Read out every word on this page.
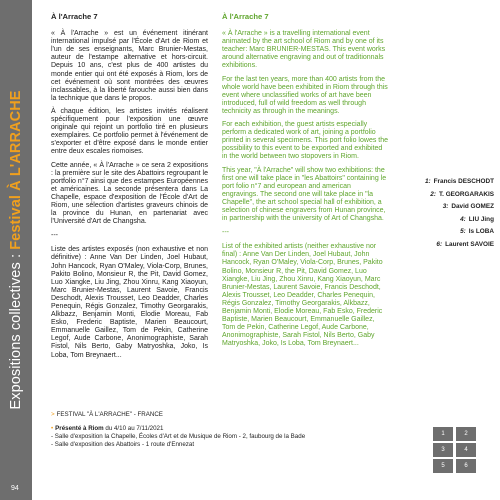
Expositions collectives : Festival À L'ARRACHE
94
À l'Arrache 7

« À l'Arrache » est un événement itinérant international impulsé par l'École d'Art de Riom et l'un de ses enseignants, Marc Brunier-Mestas, auteur de l'estampe alternative et hors-circuit. Depuis 10 ans, c'est plus de 400 artistes du monde entier qui ont été exposés à Riom, lors de cet événement où sont montrées des œuvres inclassables, à la liberté farouche aussi bien dans la technique que dans le propos.

À chaque édition, les artistes invités réalisent spécifiquement pour l'exposition une œuvre originale qui rejoint un portfolio tiré en plusieurs exemplaires. Ce portfolio permet à l'événement de s'exporter et d'être exposé dans le monde entier entre deux escales riomoises.

Cette année, « À l'Arrache » ce sera 2 expositions : la première sur le site des Abattoirs regroupant le portfolio n°7 ainsi que des estampes Européennes et américaines. La seconde présentera dans La Chapelle, espace d'exposition de l'École d'Art de Riom, une sélection d'artistes graveurs chinois de la province du Hunan, en partenariat avec l'Université d'Art de Changsha.

---

Liste des artistes exposés (non exhaustive et non définitive) : Anne Van Der Linden, Joel Hubaut, John Hancock, Ryan O'Maley, Viola-Corp, Brunes, Pakito Bolino, Monsieur R, the Pit, David Gomez, Luo Xiangke, Liu Jing, Zhou Xinru, Kang Xiaoyun, Marc Brunier-Mestas, Laurent Savoie, Francis Deschodt, Alexis Trousset, Leo Deadder, Charles Penequin, Régis Gonzalez, Timothy Georgarakis, Alkbazz, Benjamin Monti, Elodie Moreau, Fab Esko, Frederic Baptiste, Marien Beaucourt, Emmanuelle Gaillez, Tom de Pekin, Catherine Legof, Aude Carbone, Anonimographiste, Sarah Fistol, Nils Berto, Gaby Matryoshka, Joko, Is Loba, Tom Breynaert...

À l'Arrache 7

« À l'Arrache » is a travelling international event animated by the art school of Riom and by one of its teacher: Marc BRUNIER-MESTAS. This event works around alternative engraving and out of traditionnals exhibitions.

For the last ten years, more than 400 artists from the whole world have been exhibited in Riom through this event where unclassified works of art have been introduced, full of wild freedom as well through technicity as through in the meanings.

For each exhibition, the guest artists especially perform a dedicated work of art, joining a portfolio printed in several specimens. This port folio lowes the possibility to this event to be exported and exhibited in the world between two stopovers in Riom.

This year, "À l'Arrache" will show two exhibitions: the first one will take place in "les Abattoirs" containing le port folio n°7 and european and american engravings. The second one will take place in "la Chapelle", the art school special hall of exhibition, a selection of chinese engravers from Hunan province, in partnership with the university of Art of Changsha.

---

List of the exhibited artists (neither exhaustive nor final) : Anne Van Der Linden, Joel Hubaut, John Hancock, Ryan O'Maley, Viola-Corp, Brunes, Pakito Bolino, Monsieur R, the Pit, David Gomez, Luo Xiangke, Liu Jing, Zhou Xinru, Kang Xiaoyun, Marc Brunier-Mestas, Laurent Savoie, Francis Deschodt, Alexis Trousset, Leo Deadder, Charles Penequin, Régis Gonzalez, Timothy Georgarakis, Alkbazz, Benjamin Monti, Elodie Moreau, Fab Esko, Frederic Baptiste, Marien Beaucourt, Emmanuelle Gaillez, Tom de Pekin, Catherine Legof, Aude Carbone, Anonimographiste, Sarah Fistol, Nils Berto, Gaby Matryoshka, Joko, Is Loba, Tom Breynaert...

1: Francis DESCHODT
2: T. GEORGARAKIS
3: David GOMEZ
4: LIU Jing
5: Is LOBA
6: Laurent SAVOIE
> FESTIVAL "À L'ARRACHE" - FRANCE
• Présenté à Riom du 4/10 au 7/11/2021
- Salle d'exposition la Chapelle, Écoles d'Art et de Musique de Riom - 2, faubourg de la Bade
- Salle d'exposition des Abattoirs - 1 route d'Ennezat
1	2
3	4
5	6
